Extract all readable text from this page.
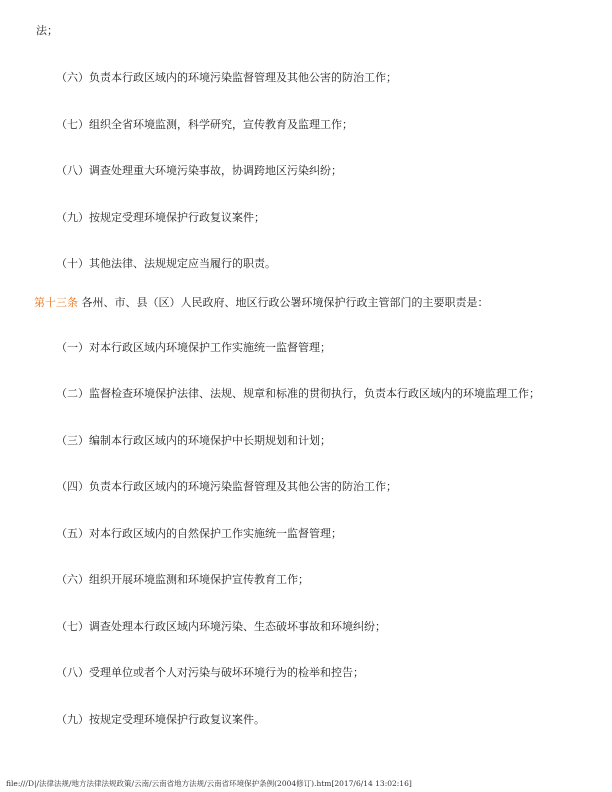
法；
（六）负责本行政区域内的环境污染监督管理及其他公害的防治工作；
（七）组织全省环境监测，科学研究，宣传教育及监理工作；
（八）调查处理重大环境污染事故，协调跨地区污染纠纷；
（九）按规定受理环境保护行政复议案件；
（十）其他法律、法规规定应当履行的职责。
第十三条 各州、市、县（区）人民政府、地区行政公署环境保护行政主管部门的主要职责是：
（一）对本行政区域内环境保护工作实施统一监督管理；
（二）监督检查环境保护法律、法规、规章和标准的贯彻执行，负责本行政区域内的环境监理工作；
（三）编制本行政区域内的环境保护中长期规划和计划；
（四）负责本行政区域内的环境污染监督管理及其他公害的防治工作；
（五）对本行政区域内的自然保护工作实施统一监督管理；
（六）组织开展环境监测和环境保护宣传教育工作；
（七）调查处理本行政区域内环境污染、生态破坏事故和环境纠纷；
（八）受理单位或者个人对污染与破坏环境行为的检举和控告；
（九）按规定受理环境保护行政复议案件。
file:///D|/法律法规/地方法律法规政策/云南/云南省地方法规/云南省环境保护条例(2004修订).htm[2017/6/14 13:02:16]
